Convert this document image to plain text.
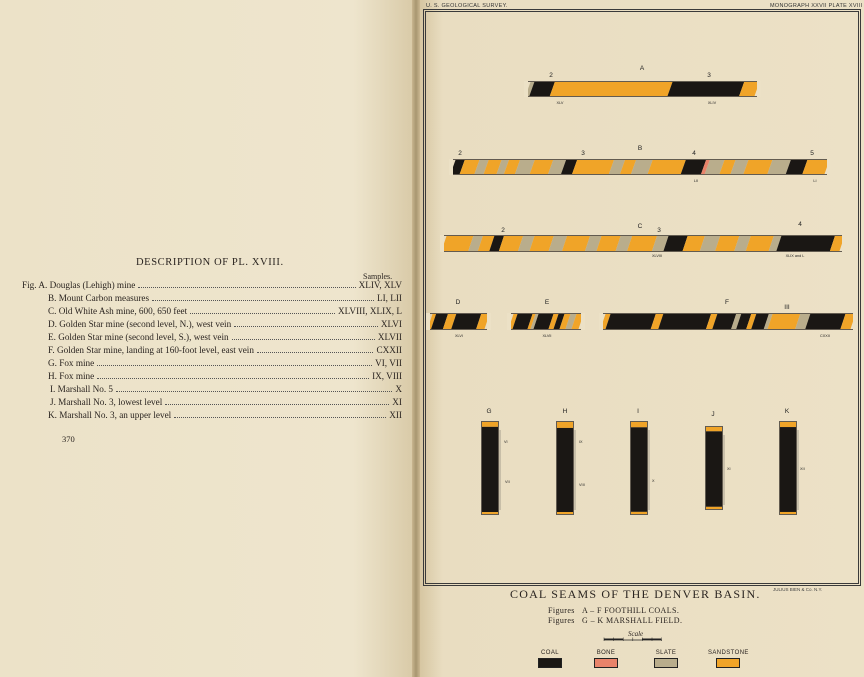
DESCRIPTION OF PL. XVIII.
Samples.
Fig. A. Douglas (Lehigh) mine	XLIV, XLV
B. Mount Carbon measures	LI, LII
C. Old White Ash mine, 600, 650 feet	XLVIII, XLIX, L
D. Golden Star mine (second level, N.), west vein	XLVI
E. Golden Star mine (second level, S.), west vein	XLVII
F. Golden Star mine, landing at 160-foot level, east vein	CXXII
G. Fox mine	VI, VII
H. Fox mine	IX, VIII
I. Marshall No. 5	X
J. Marshall No. 3, lowest level	XI
K. Marshall No. 3, an upper level	XII
370
U. S. GEOLOGICAL SURVEY.	MONOGRAPH XXVII PLATE XVIII
A
2	3
XLV	XLIV
B
2	3	4	5
LII	LI
C
2	3
4
XLVIII	XLIX and L
D
XLVI
E
XLVII
F
III
CXXII
G
VI
VII
H
IX
VIII
I
X
J
XI
K
XII
JULIUS BIEN & Co. N.Y.
COAL SEAMS OF THE DENVER BASIN.
Figures A – F FOOTHILL COALS.
Figures G – K MARSHALL FIELD.
Scale
COAL	BONE	SLATE	SANDSTONE
